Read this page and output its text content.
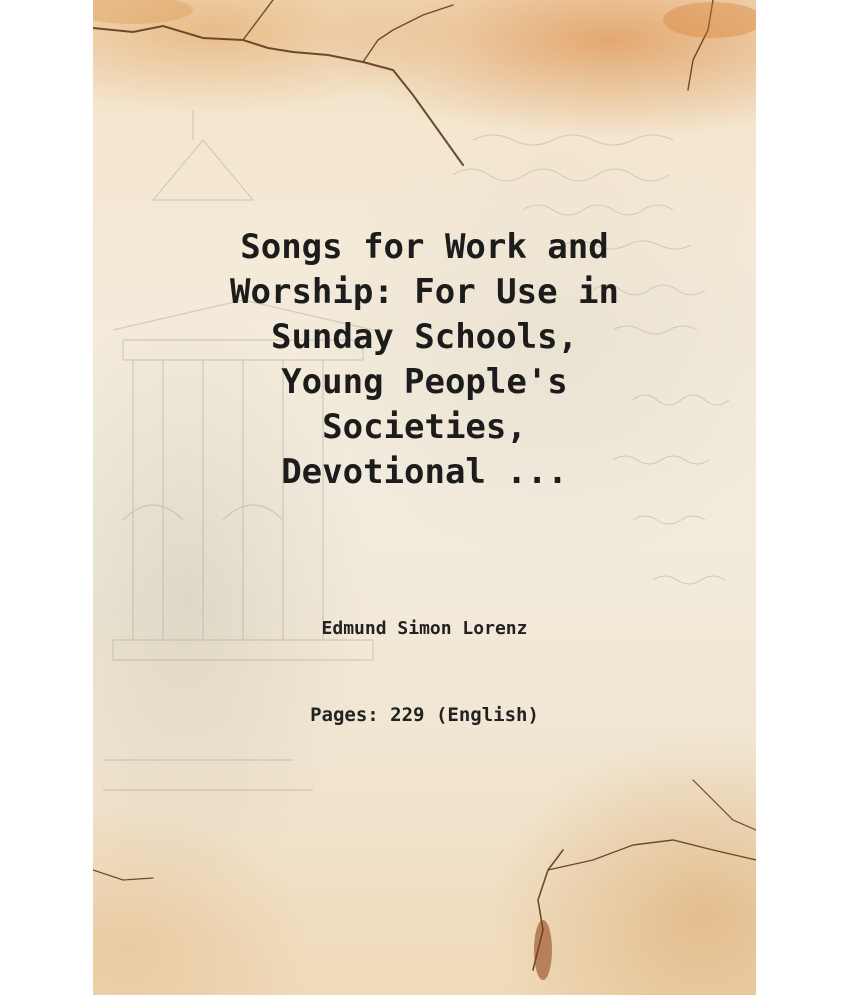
Songs for Work and
Worship: For Use in
Sunday Schools,
Young People's
Societies,
Devotional ...
Edmund Simon Lorenz
Pages: 229 (English)
